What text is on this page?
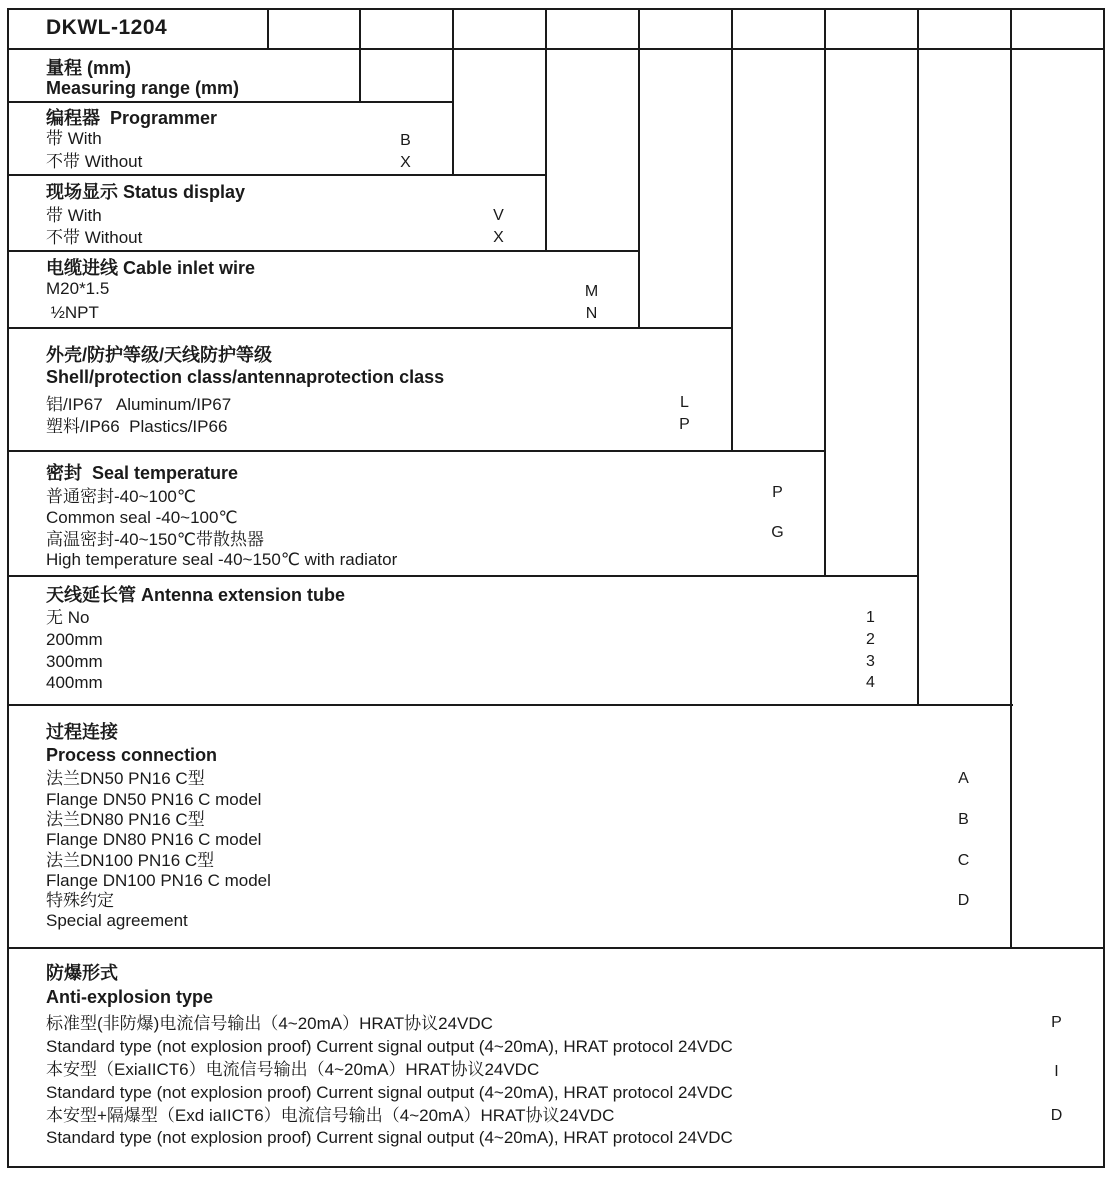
DKWL-1204
量程 (mm)
Measuring range (mm)
编程器  Programmer
带 With
不带 Without
B
X
现场显示 Status display
带 With
不带 Without
V
X
电缆进线 Cable inlet wire
M20*1.5
½NPT
M
N
外壳/防护等级/天线防护等级
Shell/protection class/antennaprotection class
铝/IP67   Aluminum/IP67
塑料/IP66  Plastics/IP66
L
P
密封  Seal temperature
普通密封-40~100℃
Common seal -40~100℃
高温密封-40~150℃带散热器
High temperature seal -40~150℃ with radiator
P
G
天线延长管 Antenna extension tube
无 No
200mm
300mm
400mm
1
2
3
4
过程连接
Process connection
法兰DN50 PN16 C型
Flange DN50 PN16 C model
法兰DN80 PN16 C型
Flange DN80 PN16 C model
法兰DN100 PN16 C型
Flange DN100 PN16 C model
特殊约定
Special agreement
A
B
C
D
防爆形式
Anti-explosion type
标准型(非防爆)电流信号输出（4~20mA）HRAT协议24VDC
Standard type (not explosion proof) Current signal output (4~20mA), HRAT protocol 24VDC
本安型（ExiaIICT6）电流信号输出（4~20mA）HRAT协议24VDC
Standard type (not explosion proof) Current signal output (4~20mA), HRAT protocol 24VDC
本安型+隔爆型（Exd iaIICT6）电流信号输出（4~20mA）HRAT协议24VDC
Standard type (not explosion proof) Current signal output (4~20mA), HRAT protocol 24VDC
P
I
D
